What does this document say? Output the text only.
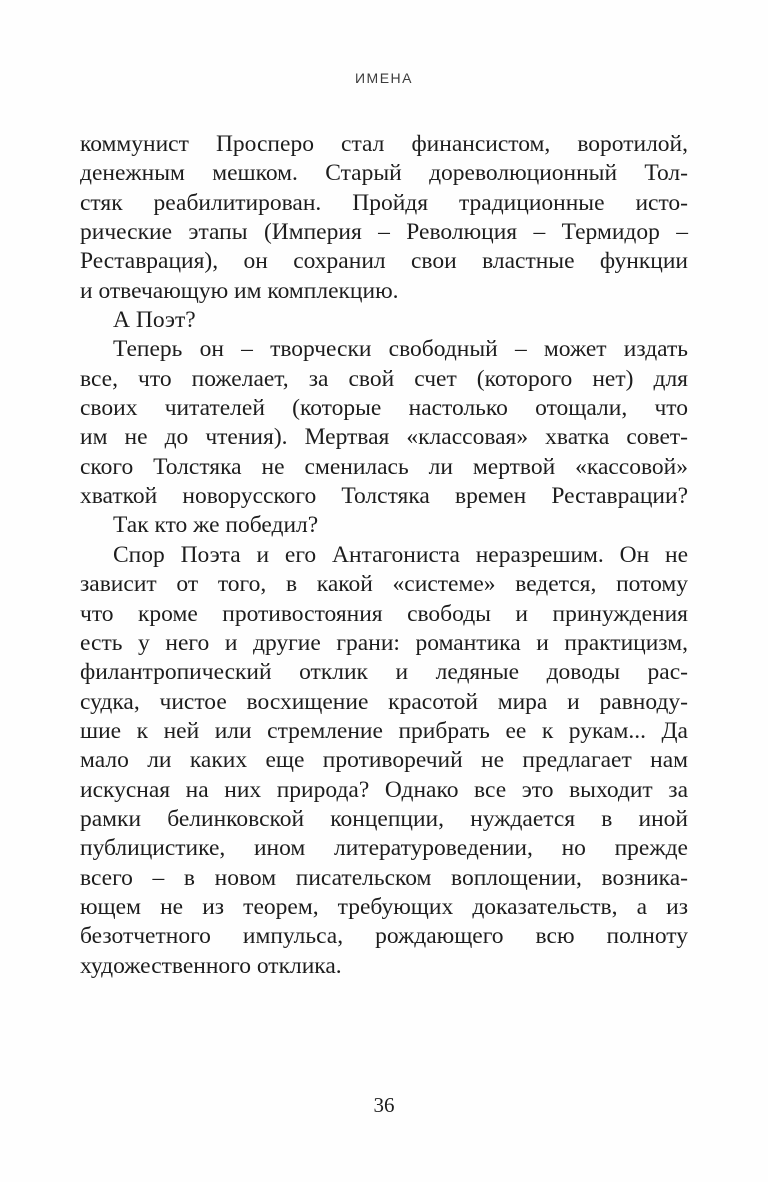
ИМЕНА
коммунист Просперо стал финансистом, воротилой,
денежным мешком. Старый дореволюционный Тол-
стяк реабилитирован. Пройдя традиционные исто-
рические этапы (Империя – Революция – Термидор –
Реставрация), он сохранил свои властные функции
и отвечающую им комплекцию.
А Поэт?
Теперь он – творчески свободный – может издать
все, что пожелает, за свой счет (которого нет) для
своих читателей (которые настолько отощали, что
им не до чтения). Мертвая «классовая» хватка совет-
ского Толстяка не сменилась ли мертвой «кассовой»
хваткой новорусского Толстяка времен Реставрации?
Так кто же победил?
Спор Поэта и его Антагониста неразрешим. Он не
зависит от того, в какой «системе» ведется, потому
что кроме противостояния свободы и принуждения
есть у него и другие грани: романтика и практицизм,
филантропический отклик и ледяные доводы рас-
судка, чистое восхищение красотой мира и равноду-
шие к ней или стремление прибрать ее к рукам... Да
мало ли каких еще противоречий не предлагает нам
искусная на них природа? Однако все это выходит за
рамки белинковской концепции, нуждается в иной
публицистике, ином литературоведении, но прежде
всего – в новом писательском воплощении, возника-
ющем не из теорем, требующих доказательств, а из
безотчетного импульса, рождающего всю полноту
художественного отклика.
36
